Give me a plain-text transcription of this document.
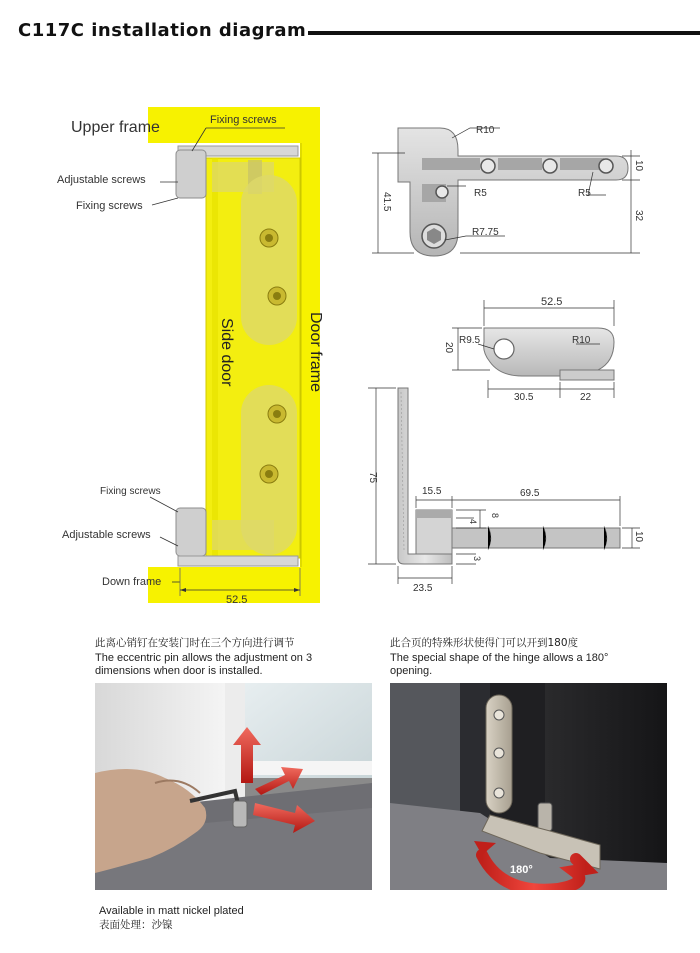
C117C installation diagram
Upper frame	Fixing screws
Adjustable screws
Fixing screws
Fixing screws
Adjustable screws
Down frame
52.5
Side door	Door frame
R10
R5	R5
R7.75
41.5
10
32
52.5
R9.5	R10
20
30.5	22
75
15.5	69.5
8
4
10
3
23.5
此离心销钉在安装门时在三个方向进行调节
The eccentric pin allows the adjustment on 3
dimensions when door is installed.
此合页的特殊形状使得门可以开到180度
The special shape of the hinge allows a 180°
opening.
180°
Available in matt nickel plated
表面处理：沙镍
